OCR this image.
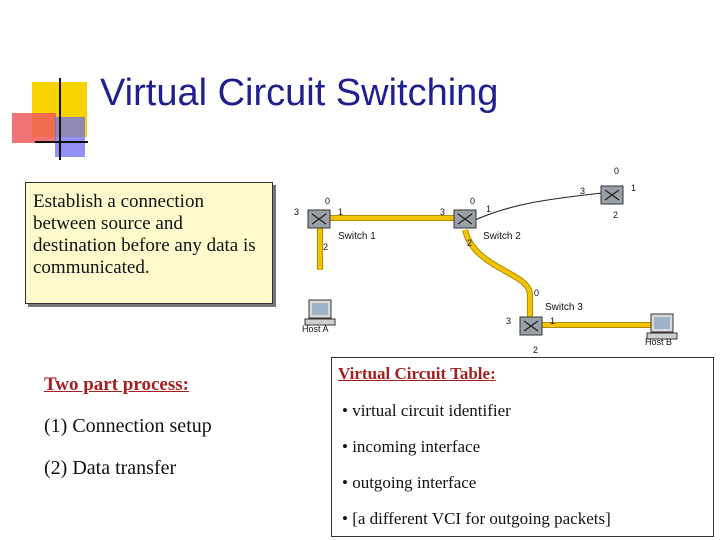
Virtual Circuit Switching
Establish a connection between source and destination before any data is communicated.
Two part process:
(1) Connection setup
(2) Data transfer
0
1
2
3
Switch 1
0
1
2
3
Switch 2
0
1
2
3
0
1
2
3
Switch 3
Host A
Host B
Virtual Circuit Table:
• virtual circuit identifier
• incoming interface
• outgoing interface
• [a different VCI for outgoing packets]
